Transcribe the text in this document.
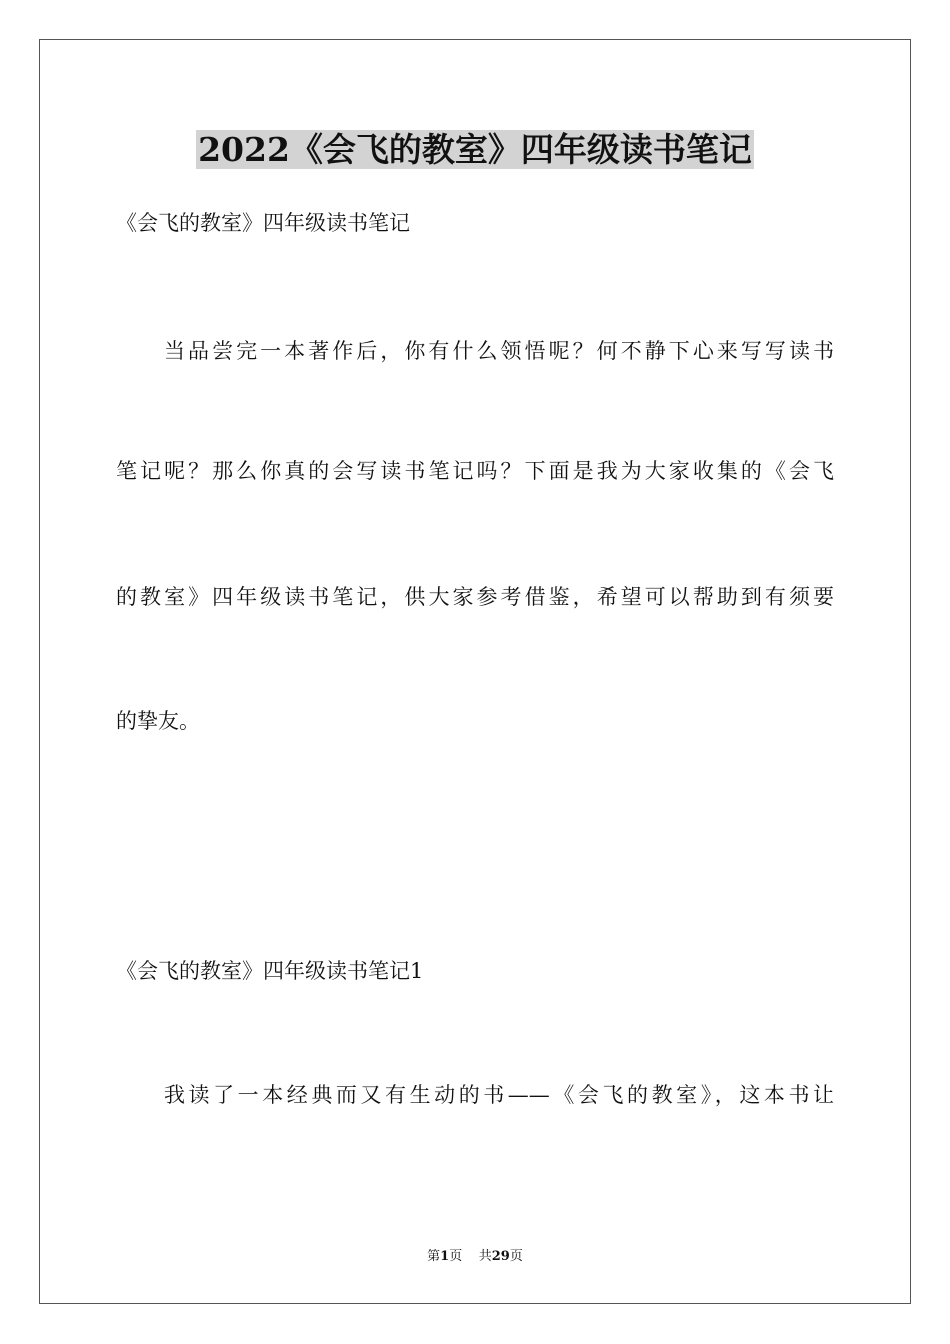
2022《会飞的教室》四年级读书笔记

《会飞的教室》四年级读书笔记

当品尝完一本著作后，你有什么领悟呢？何不静下心来写写读书

笔记呢？那么你真的会写读书笔记吗？下面是我为大家收集的《会飞

的教室》四年级读书笔记，供大家参考借鉴，希望可以帮助到有须要

的挚友。

《会飞的教室》四年级读书笔记1

我读了一本经典而又有生动的书——《会飞的教室》，这本书让

第1页 共29页
